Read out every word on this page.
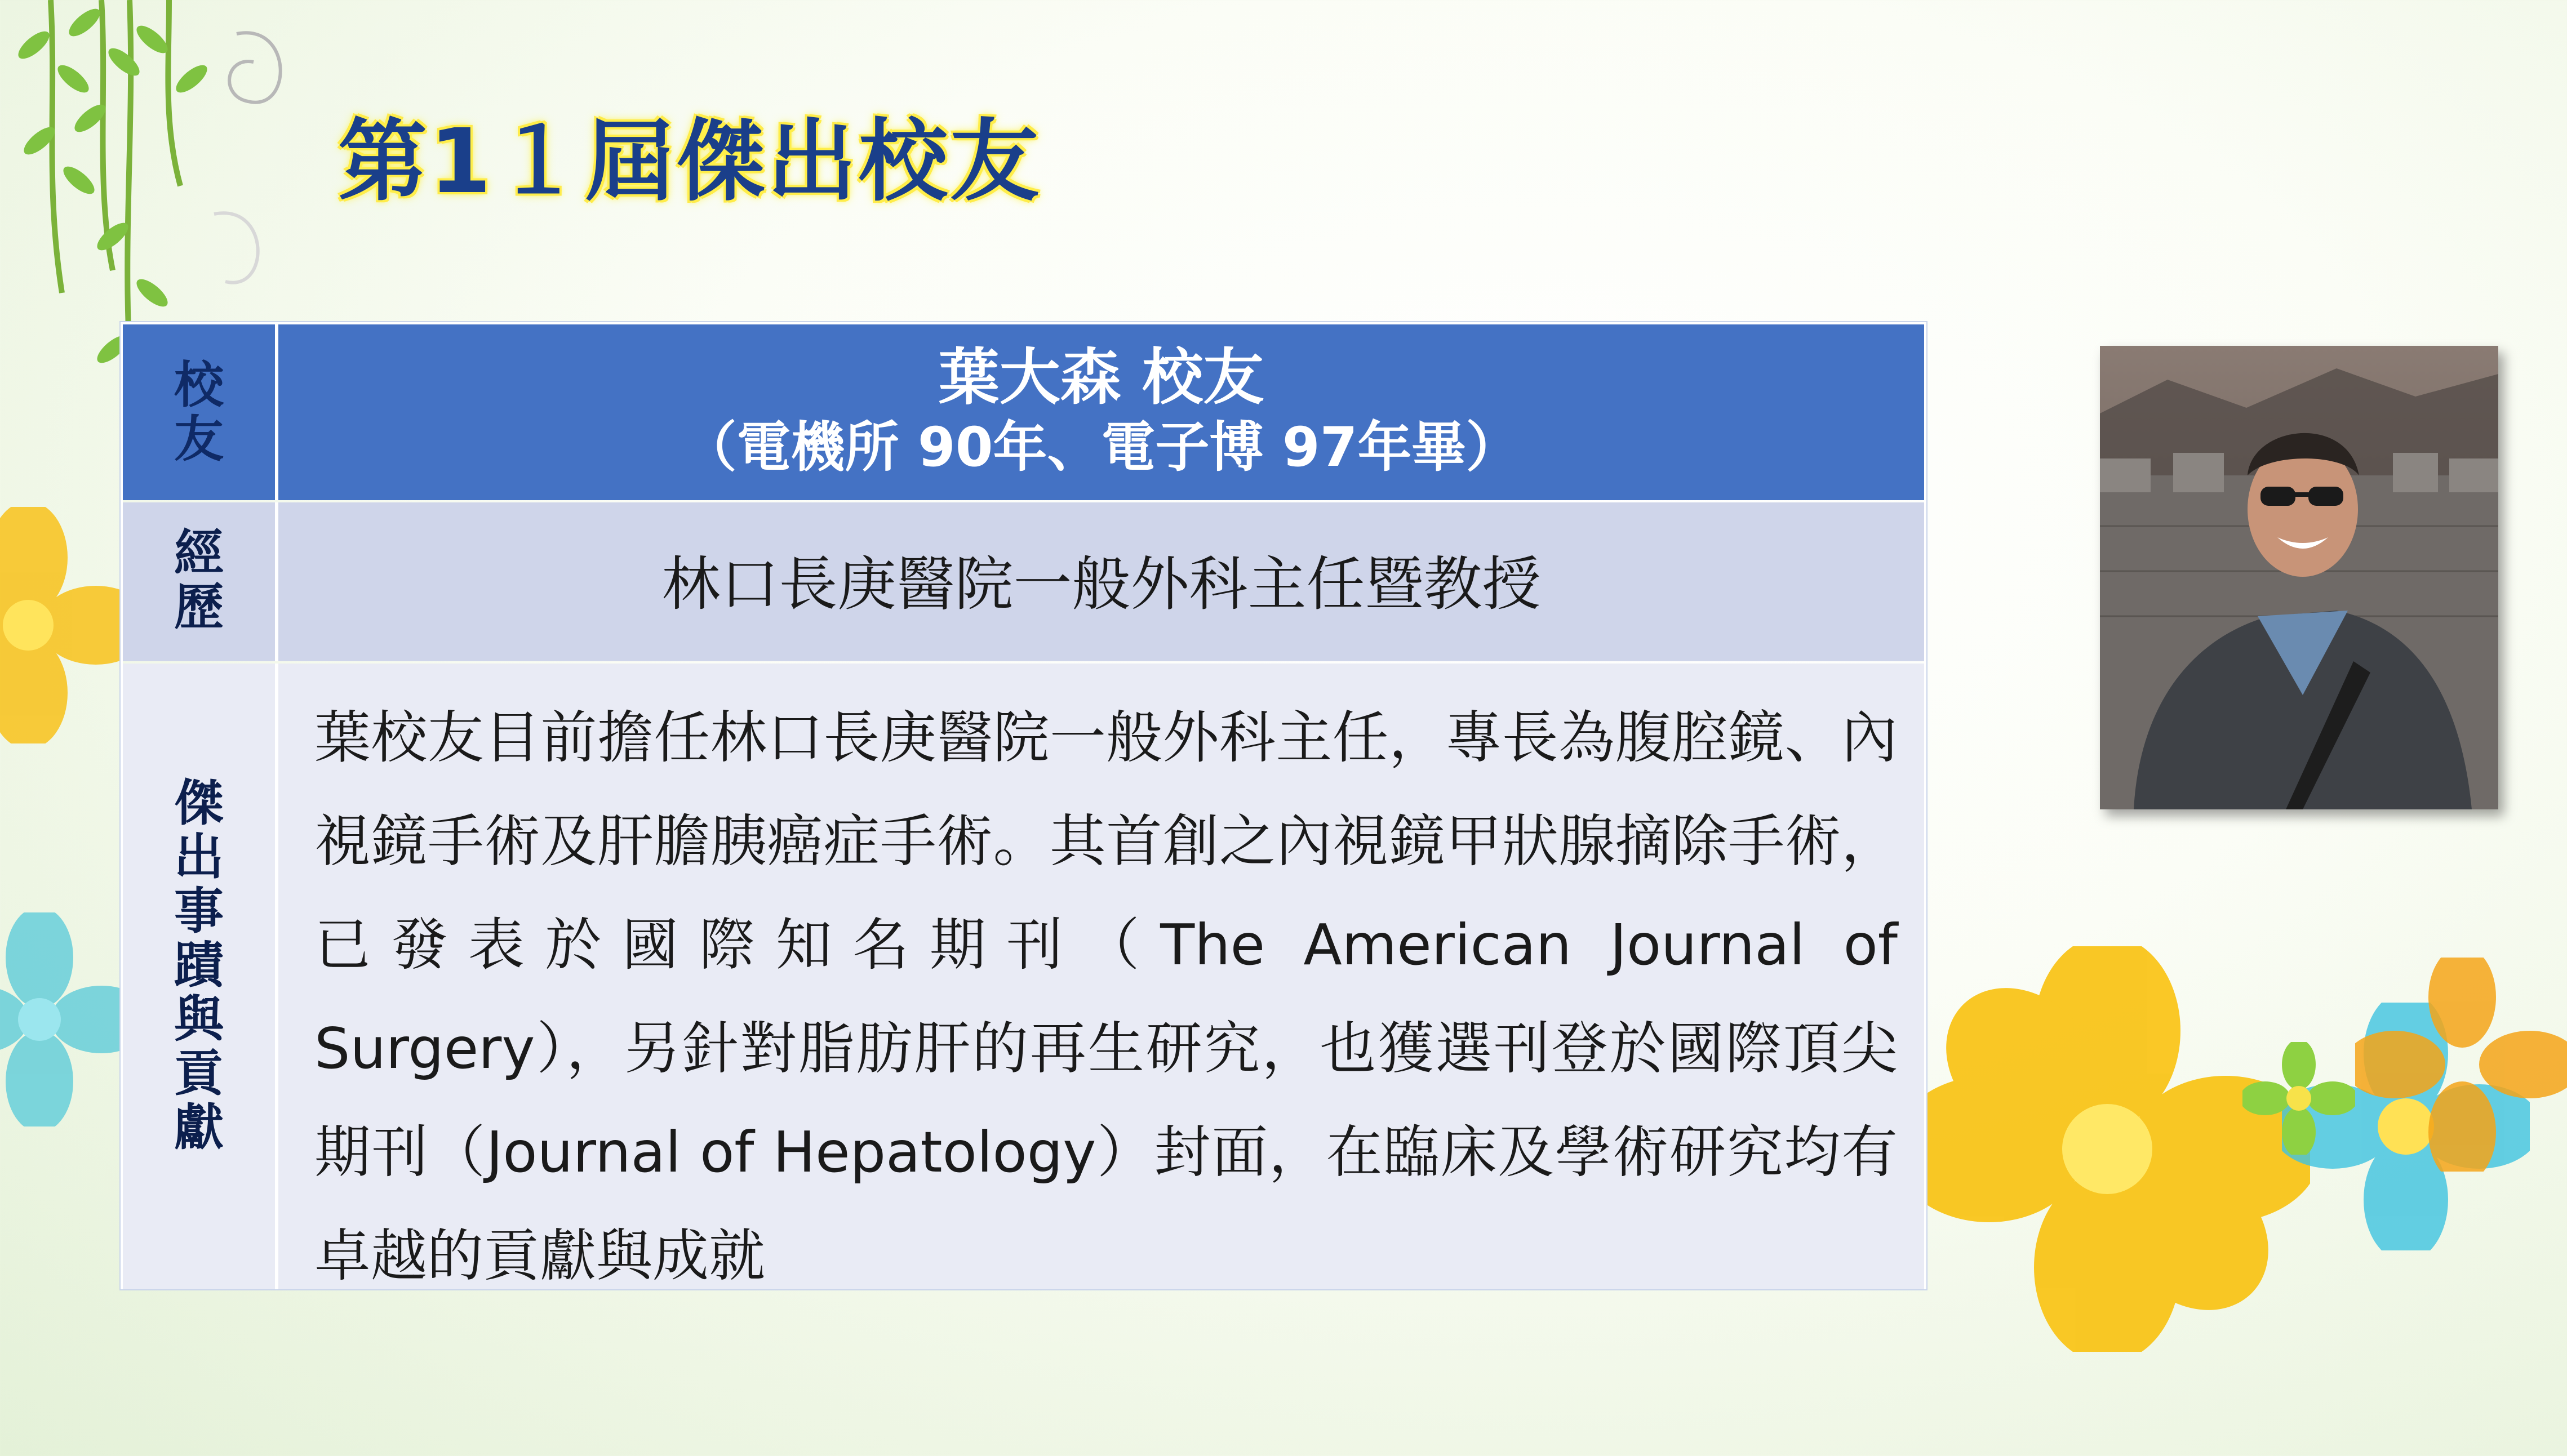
第1１屆傑出校友
校友
葉大森 校友
（電機所 90年、電子博 97年畢）
經歷	林口長庚醫院一般外科主任暨教授
傑出事蹟與貢獻
葉校友目前擔任林口長庚醫院一般外科主任，專長為腹腔鏡、內視鏡手術及肝膽胰癌症手術。其首創之內視鏡甲狀腺摘除手術，已發表於國際知名期刊（The American Journal of Surgery），另針對脂肪肝的再生研究，也獲選刊登於國際頂尖期刊（Journal of Hepatology）封面，在臨床及學術研究均有卓越的貢獻與成就
